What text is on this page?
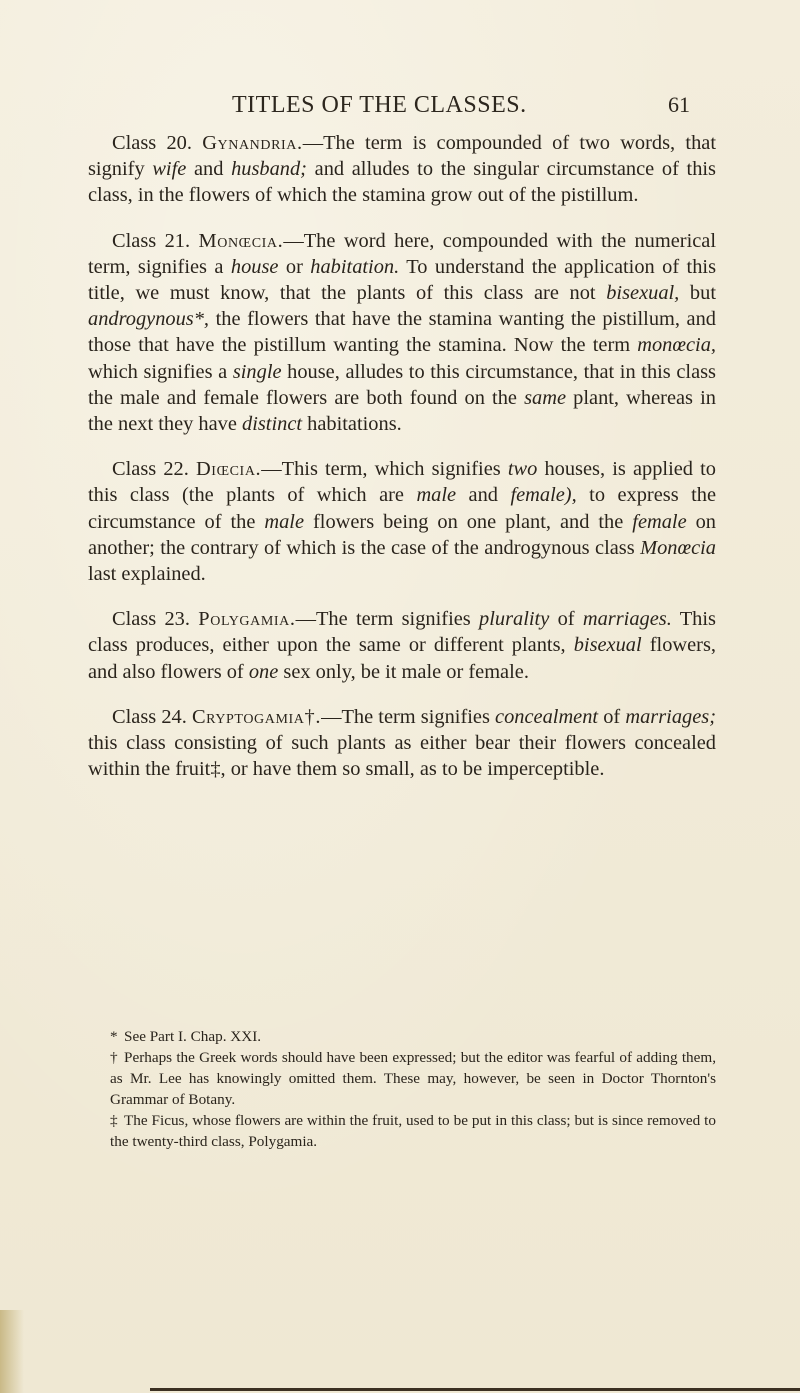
TITLES OF THE CLASSES.	61

Class 20. Gynandria.—The term is compounded of two words, that signify wife and husband; and alludes to the singular circumstance of this class, in the flowers of which the stamina grow out of the pistillum.

Class 21. Monœcia.—The word here, compounded with the numerical term, signifies a house or habitation. To understand the application of this title, we must know, that the plants of this class are not bisexual, but androgynous*, the flowers that have the stamina wanting the pistillum, and those that have the pistillum wanting the stamina. Now the term monœcia, which signifies a single house, alludes to this circumstance, that in this class the male and female flowers are both found on the same plant, whereas in the next they have distinct habitations.

Class 22. Diœcia.—This term, which signifies two houses, is applied to this class (the plants of which are male and female), to express the circumstance of the male flowers being on one plant, and the female on another; the contrary of which is the case of the androgynous class Monœcia last explained.

Class 23. Polygamia.—The term signifies plurality of marriages. This class produces, either upon the same or different plants, bisexual flowers, and also flowers of one sex only, be it male or female.

Class 24. Cryptogamia†.—The term signifies concealment of marriages; this class consisting of such plants as either bear their flowers concealed within the fruit‡, or have them so small, as to be imperceptible.

* See Part I. Chap. XXI.

† Perhaps the Greek words should have been expressed; but the editor was fearful of adding them, as Mr. Lee has knowingly omitted them. These may, however, be seen in Doctor Thornton's Grammar of Botany.

‡ The Ficus, whose flowers are within the fruit, used to be put in this class; but is since removed to the twenty-third class, Polygamia.
